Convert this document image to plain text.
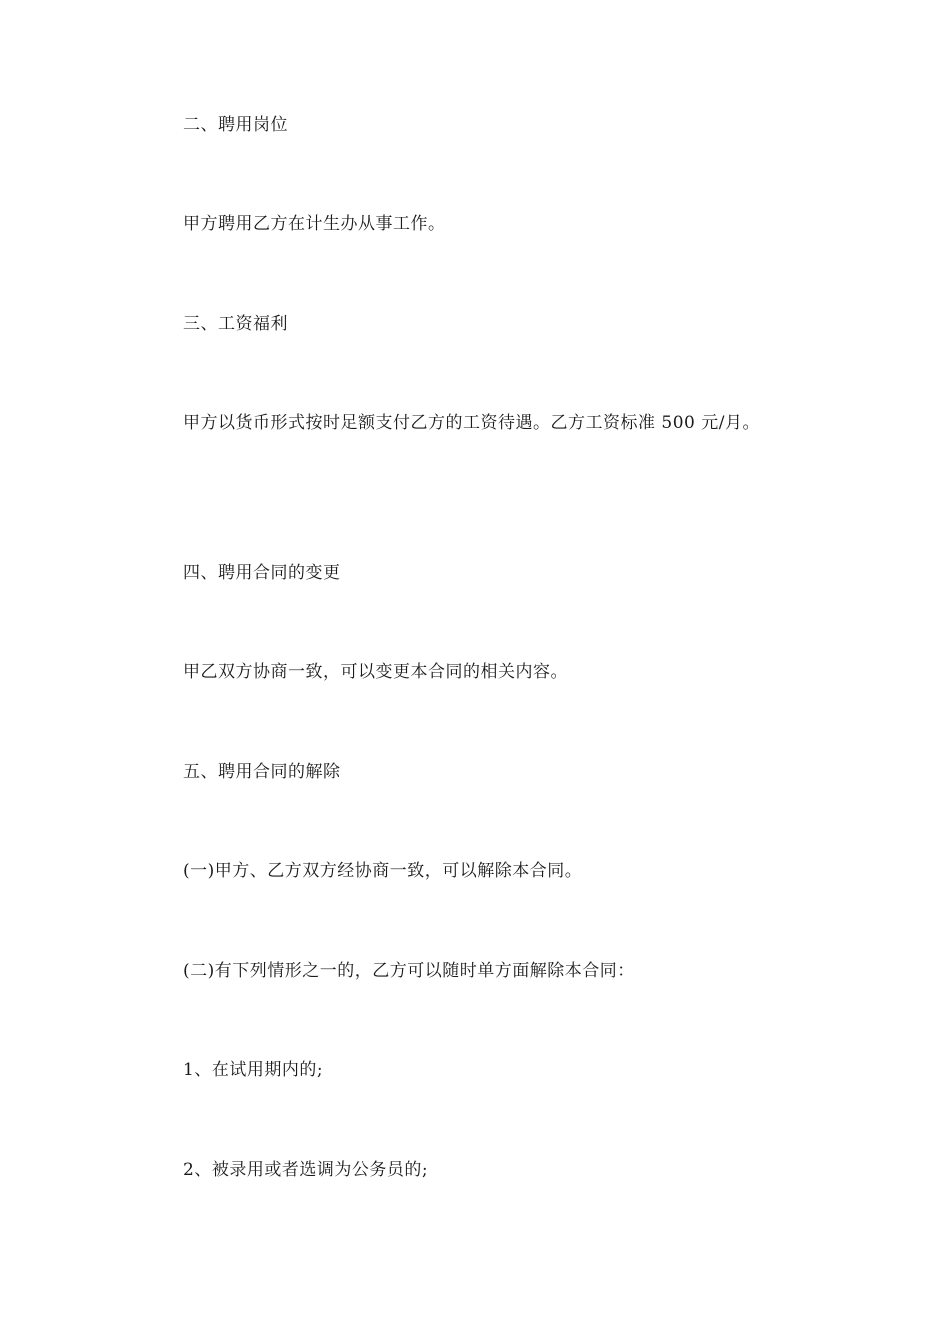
二、聘用岗位
甲方聘用乙方在计生办从事工作。
三、工资福利
甲方以货币形式按时足额支付乙方的工资待遇。乙方工资标准 500 元/月。
四、聘用合同的变更
甲乙双方协商一致，可以变更本合同的相关内容。
五、聘用合同的解除
(一)甲方、乙方双方经协商一致，可以解除本合同。
(二)有下列情形之一的，乙方可以随时单方面解除本合同：
1、在试用期内的;
2、被录用或者选调为公务员的;
